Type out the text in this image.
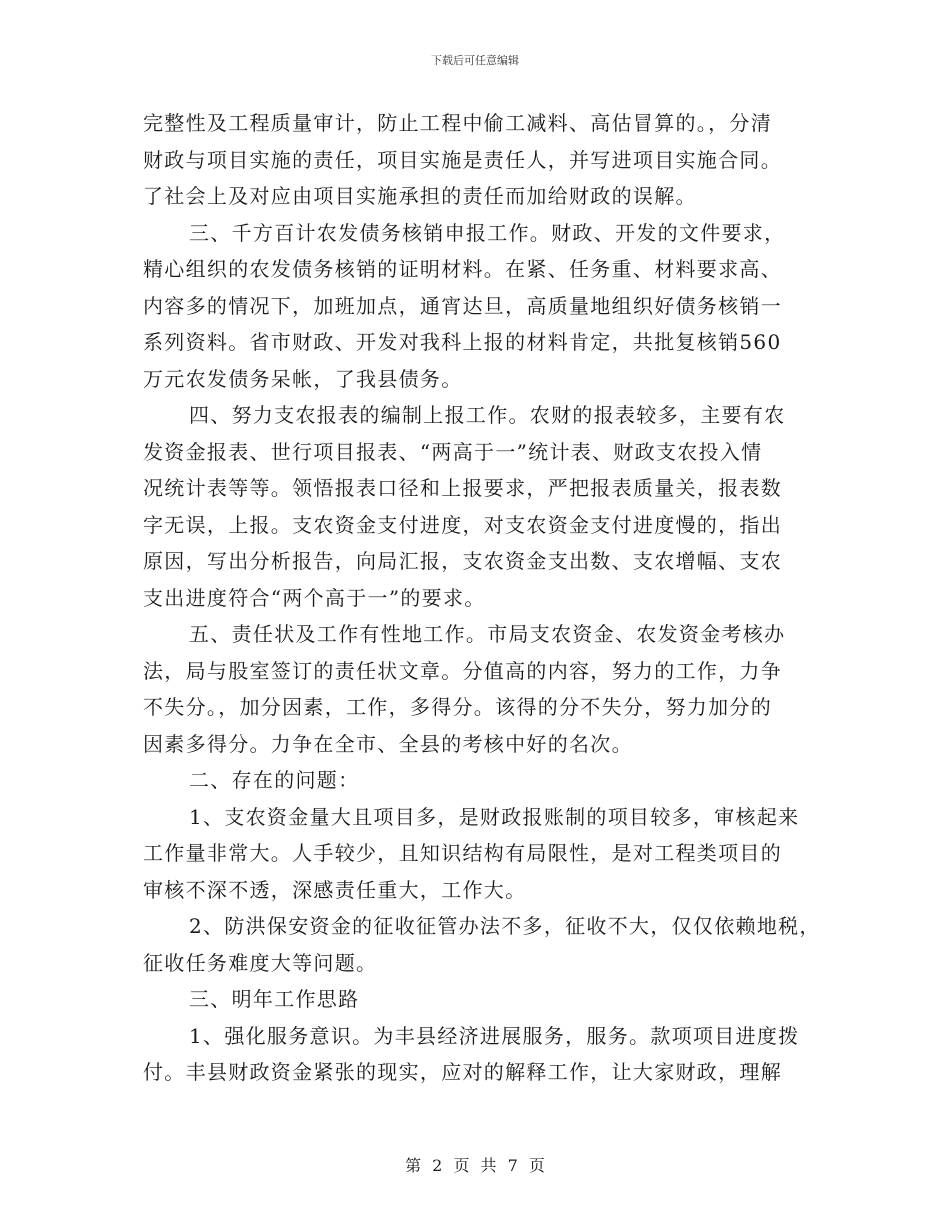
下载后可任意编辑
完整性及工程质量审计，防止工程中偷工减料、高估冒算的。，分清
财政与项目实施的责任，项目实施是责任人，并写进项目实施合同。
了社会上及对应由项目实施承担的责任而加给财政的误解。
三、千方百计农发债务核销申报工作。财政、开发的文件要求，
精心组织的农发债务核销的证明材料。在紧、任务重、材料要求高、
内容多的情况下，加班加点，通宵达旦，高质量地组织好债务核销一
系列资料。省市财政、开发对我科上报的材料肯定，共批复核销560
万元农发债务呆帐，了我县债务。
四、努力支农报表的编制上报工作。农财的报表较多，主要有农
发资金报表、世行项目报表、“两高于一”统计表、财政支农投入情
况统计表等等。领悟报表口径和上报要求，严把报表质量关，报表数
字无误，上报。支农资金支付进度，对支农资金支付进度慢的，指出
原因，写出分析报告，向局汇报，支农资金支出数、支农增幅、支农
支出进度符合“两个高于一”的要求。
五、责任状及工作有性地工作。市局支农资金、农发资金考核办
法，局与股室签订的责任状文章。分值高的内容，努力的工作，力争
不失分。，加分因素，工作，多得分。该得的分不失分，努力加分的
因素多得分。力争在全市、全县的考核中好的名次。
二、存在的问题：
1、支农资金量大且项目多，是财政报账制的项目较多，审核起来
工作量非常大。人手较少，且知识结构有局限性，是对工程类项目的
审核不深不透，深感责任重大，工作大。
2、防洪保安资金的征收征管办法不多，征收不大，仅仅依赖地税，
征收任务难度大等问题。
三、明年工作思路
1、强化服务意识。为丰县经济进展服务，服务。款项项目进度拨
付。丰县财政资金紧张的现实，应对的解释工作，让大家财政，理解
第 2 页 共 7 页
